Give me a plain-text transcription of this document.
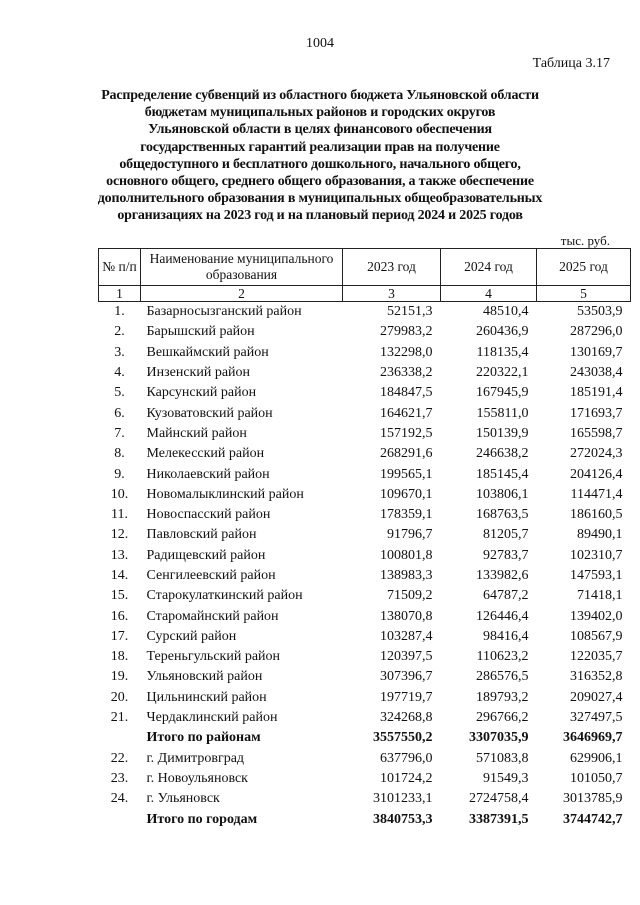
1004
Таблица 3.17
Распределение субвенций из областного бюджета Ульяновской области
бюджетам муниципальных районов и городских округов
Ульяновской области в целях финансового обеспечения
государственных гарантий реализации прав на получение
общедоступного и бесплатного дошкольного, начального общего,
основного общего, среднего общего образования, а также обеспечение
дополнительного образования в муниципальных общеобразовательных
организациях на 2023 год и на плановый период 2024 и 2025 годов
тыс. руб.
№ п/п	Наименование муниципального образования	2023 год	2024 год	2025 год
1	2	3	4	5
1.	Базарносызганский район	52151,3	48510,4	53503,9
2.	Барышский район	279983,2	260436,9	287296,0
3.	Вешкаймский район	132298,0	118135,4	130169,7
4.	Инзенский район	236338,2	220322,1	243038,4
5.	Карсунский район	184847,5	167945,9	185191,4
6.	Кузоватовский район	164621,7	155811,0	171693,7
7.	Майнский район	157192,5	150139,9	165598,7
8.	Мелекесский район	268291,6	246638,2	272024,3
9.	Николаевский район	199565,1	185145,4	204126,4
10.	Новомалыклинский район	109670,1	103806,1	114471,4
11.	Новоспасский район	178359,1	168763,5	186160,5
12.	Павловский район	91796,7	81205,7	89490,1
13.	Радищевский район	100801,8	92783,7	102310,7
14.	Сенгилеевский район	138983,3	133982,6	147593,1
15.	Старокулаткинский район	71509,2	64787,2	71418,1
16.	Старомайнский район	138070,8	126446,4	139402,0
17.	Сурский район	103287,4	98416,4	108567,9
18.	Тереньгульский район	120397,5	110623,2	122035,7
19.	Ульяновский район	307396,7	286576,5	316352,8
20.	Цильнинский район	197719,7	189793,2	209027,4
21.	Чердаклинский район	324268,8	296766,2	327497,5
	Итого по районам	3557550,2	3307035,9	3646969,7
22.	г. Димитровград	637796,0	571083,8	629906,1
23.	г. Новоульяновск	101724,2	91549,3	101050,7
24.	г. Ульяновск	3101233,1	2724758,4	3013785,9
	Итого по городам	3840753,3	3387391,5	3744742,7
